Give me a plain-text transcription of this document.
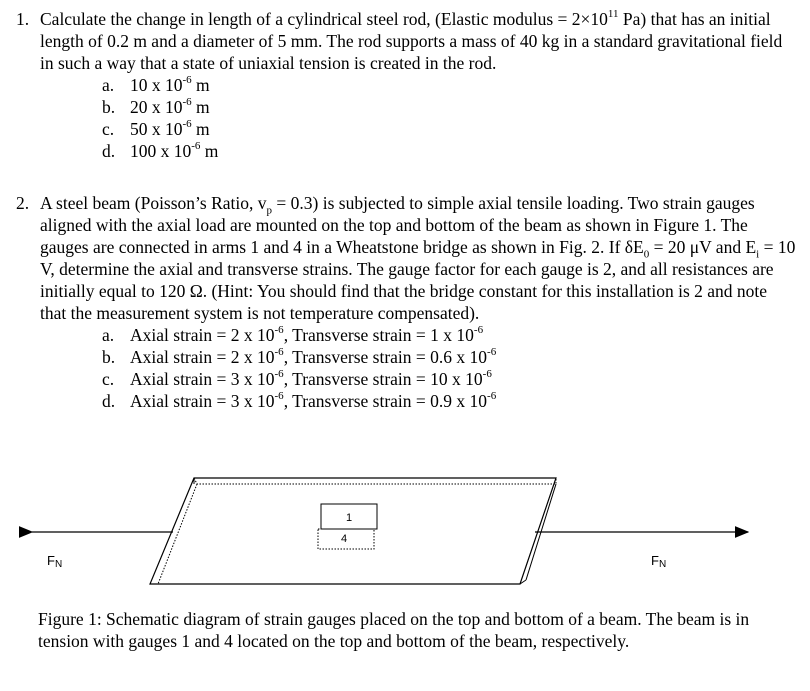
1. Calculate the change in length of a cylindrical steel rod, (Elastic modulus = $2\times 10^{11}$ Pa) that has an initial length of 0.2 m and a diameter of 5 mm. The rod supports a mass of 40 kg in a standard gravitational field in such a way that a state of uniaxial tension is created in the rod.
a. 10 x $10^{-6}$ m
b. 20 x $10^{-6}$ m
c. 50 x $10^{-6}$ m
d. 100 x $10^{-6}$ m
2. A steel beam (Poisson’s Ratio, $v_p = 0.3$) is subjected to simple axial tensile loading. Two strain gauges aligned with the axial load are mounted on the top and bottom of the beam as shown in Figure 1. The gauges are connected in arms 1 and 4 in a Wheatstone bridge as shown in Fig. 2. If $\delta E_0 = 20$ μV and $E_i = 10$ V, determine the axial and transverse strains. The gauge factor for each gauge is 2, and all resistances are initially equal to 120 Ω. (Hint: You should find that the bridge constant for this installation is 2 and note that the measurement system is not temperature compensated).
a. Axial strain = 2 x $10^{-6}$, Transverse strain = 1 x $10^{-6}$
b. Axial strain = 2 x $10^{-6}$, Transverse strain = 0.6 x $10^{-6}$
c. Axial strain = 3 x $10^{-6}$, Transverse strain = 10 x $10^{-6}$
d. Axial strain = 3 x $10^{-6}$, Transverse strain = 0.9 x $10^{-6}$
1
4
FN	FN
Figure 1: Schematic diagram of strain gauges placed on the top and bottom of a beam. The beam is in tension with gauges 1 and 4 located on the top and bottom of the beam, respectively.
